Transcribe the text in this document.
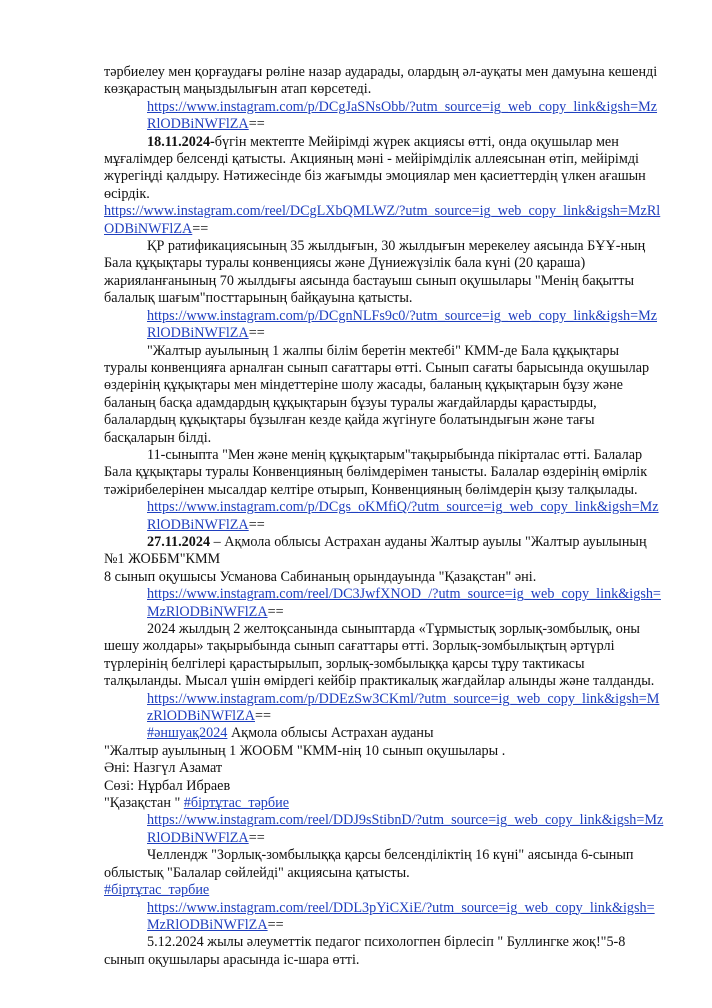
тәрбиелеу мен қорғаудағы рөліне назар аударады, олардың әл-ауқаты мен дамуына кешенді көзқарастың маңыздылығын атап көрсетеді.

https://www.instagram.com/p/DCgJaSNsObb/?utm_source=ig_web_copy_link&igsh=MzRlODBiNWFlZA==

18.11.2024-бүгін мектепте Мейірімді жүрек акциясы өтті, онда оқушылар мен мұғалімдер белсенді қатысты. Акцияның мәні - мейірімділік аллеясынан өтіп, мейірімді жүрегіңді қалдыру. Нәтижесінде біз жағымды эмоциялар мен қасиеттердің үлкен ағашын өсірдік.

https://www.instagram.com/reel/DCgLXbQMLWZ/?utm_source=ig_web_copy_link&igsh=MzRlODBiNWFlZA==

ҚР ратификациясының 35 жылдығын, 30 жылдығын мерекелеу аясында БҰҰ-ның Бала құқықтары туралы конвенциясы және Дүниежүзілік бала күні (20 қараша) жарияланғанының 70 жылдығы аясында бастауыш сынып оқушылары "Менің бақытты балалық шағым"посттарының байқауына қатысты.

https://www.instagram.com/p/DCgnNLFs9c0/?utm_source=ig_web_copy_link&igsh=MzRlODBiNWFlZA==

"Жалтыр ауылының 1 жалпы білім беретін мектебі" КММ-де Бала құқықтары туралы конвенцияға арналған сынып сағаттары өтті. Сынып сағаты барысында оқушылар өздерінің құқықтары мен міндеттеріне шолу жасады, баланың құқықтарын бұзу және баланың басқа адамдардың құқықтарын бұзуы туралы жағдайларды қарастырды, балалардың құқықтары бұзылған кезде қайда жүгінуге болатындығын және тағы басқаларын білді.

11-сыныпта "Мен және менің құқықтарым"тақырыбында пікірталас өтті. Балалар Бала құқықтары туралы Конвенцияның бөлімдерімен танысты. Балалар өздерінің өмірлік тәжірибелерінен мысалдар келтіре отырып, Конвенцияның бөлімдерін қызу талқылады.

https://www.instagram.com/p/DCgs_oKMfiQ/?utm_source=ig_web_copy_link&igsh=MzRlODBiNWFlZA==

27.11.2024 – Ақмола облысы Астрахан ауданы Жалтыр ауылы "Жалтыр ауылының №1 ЖОББМ"КММ

8 сынып оқушысы Усманова Сабинаның орындауында "Қазақстан" әні.

https://www.instagram.com/reel/DC3JwfXNOD_/?utm_source=ig_web_copy_link&igsh=MzRlODBiNWFlZA==

2024 жылдың 2 желтоқсанында сыныптарда «Тұрмыстық зорлық-зомбылық, оны шешу жолдары» тақырыбында сынып сағаттары өтті. Зорлық-зомбылықтың әртүрлі түрлерінің белгілері қарастырылып, зорлық-зомбылыққа қарсы тұру тактикасы талқыланды. Мысал үшін өмірдегі кейбір практикалық жағдайлар алынды және талданды.

https://www.instagram.com/p/DDEzSw3CKml/?utm_source=ig_web_copy_link&igsh=MzRlODBiNWFlZA==

#әншуақ2024 Ақмола облысы Астрахан ауданы

"Жалтыр ауылының 1 ЖООБМ "КММ-нің 10 сынып оқушылары .

Әні: Назгүл Азамат

Сөзі: Нұрбал Ибраев

"Қазақстан " #біртұтас_тәрбие

https://www.instagram.com/reel/DDJ9sStibnD/?utm_source=ig_web_copy_link&igsh=MzRlODBiNWFlZA==

Челлендж "Зорлық-зомбылыққа қарсы белсенділіктің 16 күні" аясында 6-сынып облыстық "Балалар сөйлейді" акциясына қатысты.

#біртұтас_тәрбие

https://www.instagram.com/reel/DDL3pYiCXiE/?utm_source=ig_web_copy_link&igsh=MzRlODBiNWFlZA==

5.12.2024 жылы әлеуметтік педагог психологпен бірлесіп " Буллингке жоқ!"5-8 сынып оқушылары арасында іс-шара өтті.
